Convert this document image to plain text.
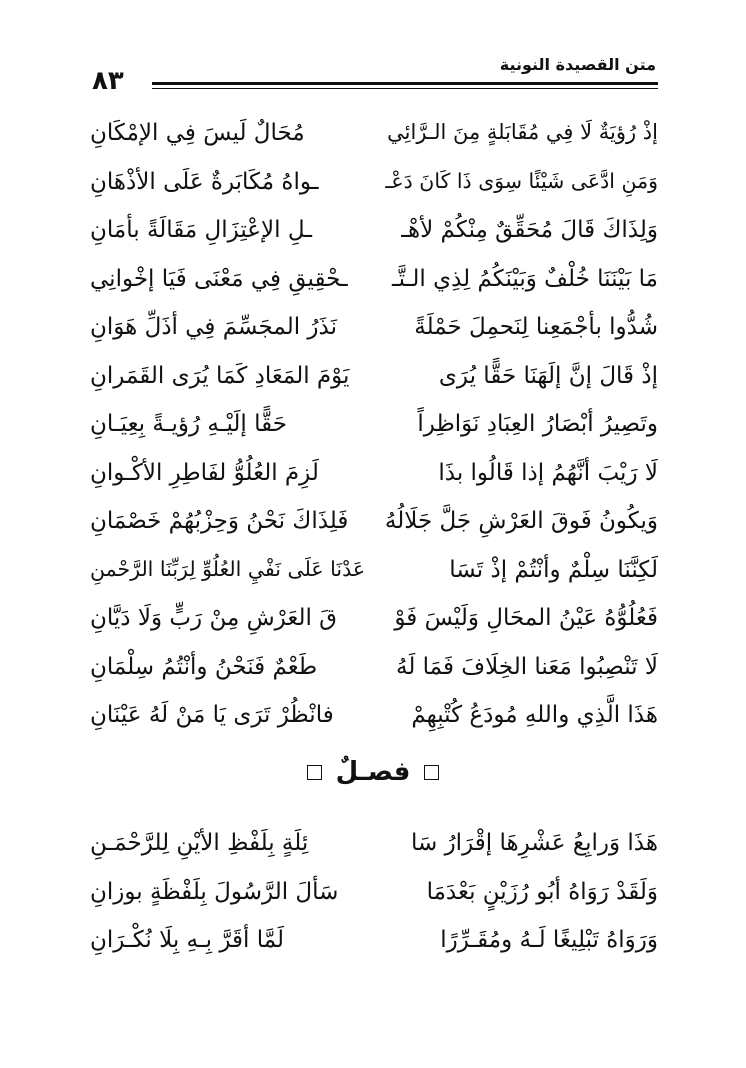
متن القصيدة النونية
٨٣
إذْ رُؤيَةٌ لَا فِي مُقَابَلةٍ مِنَ الـرَّائِي
مُحَالٌ لَيسَ فِي الإمْكَانِ
وَمَنِ ادَّعَى شَيْئًا سِوَى ذَا كَانَ دَعْـ
ـواهُ مُكَابَرةٌ عَلَى الأذْهَانِ
وَلِذَاكَ قَالَ مُحَقِّقٌ مِنْكُمْ لأهْـ
ـلِ الإعْتِزَالِ مَقَالَةً بأمَانِ
مَا بَيْنَنَا خُلْفٌ وَبَيْنَكُمُ لِذِي الـتَّـ
ـحْقِيقِ فِي مَعْنَى فَيَا إخْوانِي
شُدُّوا بأجْمَعِنا لِنَحمِلَ حَمْلَةً
نَذَرُ المجَسِّمَ فِي أذَلِّ هَوَانِ
إذْ قَالَ إنَّ إلَهَنَا حَقًّا يُرَى
يَوْمَ المَعَادِ كَمَا يُرَى القَمَرانِ
وتَصِيرُ أبْصَارُ العِبَادِ نَوَاظِراً
حَقًّا إلَيْـهِ رُؤيـةً بِعِيَـانِ
لَا رَيْبَ أنَّهُمُ إذا قَالُوا بذَا
لَزِمَ العُلُوُّ لفَاطِرِ الأكْـوانِ
وَيكُونُ فَوقَ العَرْشِ جَلَّ جَلَالُهُ
فَلِذَاكَ نَحْنُ وَحِزْبُهُمْ خَصْمَانِ
لَكِنَّنَا سِلْمٌ وأنْتُمْ إذْ تَسَا
عَدْنَا عَلَى نَفْيِ العُلُوِّ لِرَبِّنَا الرَّحْمنِ
فَعُلُوُّهُ عَيْنُ المحَالِ وَلَيْسَ فَوْ
قَ العَرْشِ مِنْ رَبٍّ وَلَا دَيَّانِ
لَا تَنْصِبُوا مَعَنا الخِلَافَ فَمَا لَهُ
طَعْمٌ فَنَحْنُ وأنْتُمُ سِلْمَانِ
هَذَا الَّذِي واللهِ مُودَعُ كُتْبِهِمْ
فانْظُرْ تَرَى يَا مَنْ لَهُ عَيْنَانِ
فصـلٌ
هَذَا وَرابِعُ عَشْرِهَا إقْرَارُ سَا
ئِلَةٍ بِلَفْظِ الأيْنِ لِلرَّحْمَـنِ
وَلَقَدْ رَوَاهُ أبُو رُزَيْنٍ بَعْدَمَا
سَألَ الرَّسُولَ بِلَفْظَةٍ بوزانِ
وَرَوَاهُ تَبْلِيغًا لَـهُ ومُقَـرِّرًا
لَمَّا أقَرَّ بِـهِ بِلَا نُكْـرَانِ
